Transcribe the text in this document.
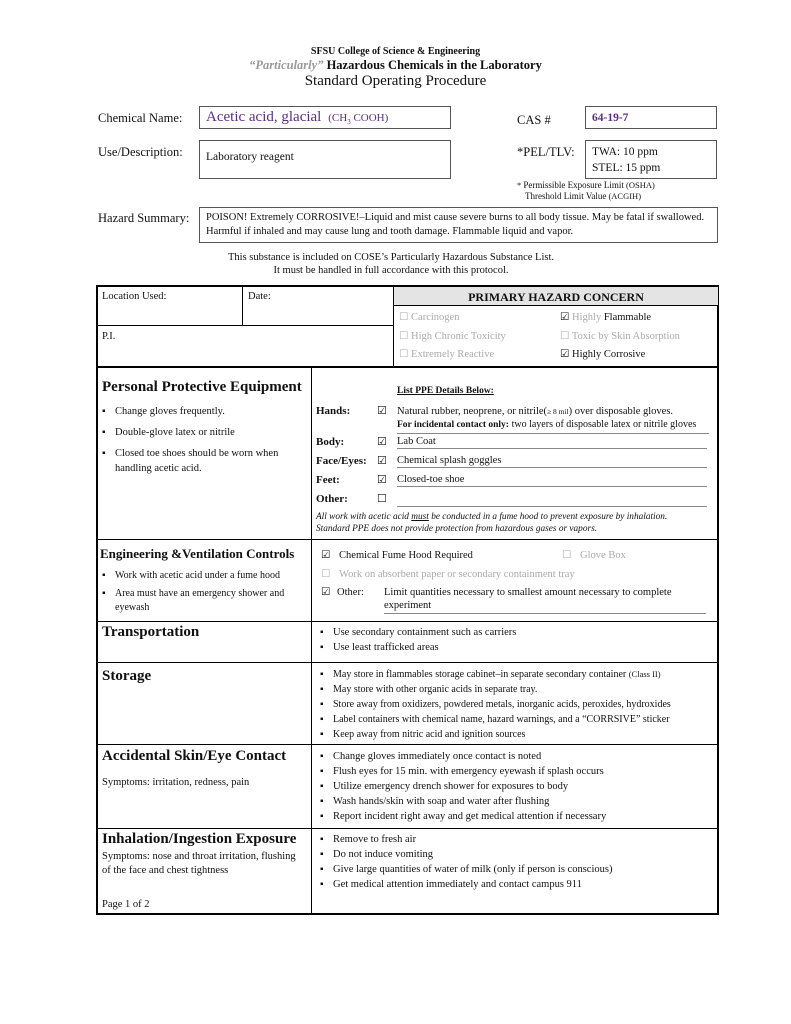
SFSU College of Science & Engineering
“Particularly” Hazardous Chemicals in the Laboratory
Standard Operating Procedure
Chemical Name:	Acetic acid, glacial ($CH_3$ COOH)	CAS #	64-19-7
Use/Description:	Laboratory reagent	*PEL/TLV: TWA: 10 ppm
STEL: 15 ppm
* Permissible Exposure Limit (OSHA)
Threshold Limit Value (ACGIH)
Hazard Summary:	POISON! Extremely CORROSIVE!–Liquid and mist cause severe burns to all body tissue. May be fatal if swallowed. Harmful if inhaled and may cause lung and tooth damage. Flammable liquid and vapor.
This substance is included on COSE’s Particularly Hazardous Substance List.
It must be handled in full accordance with this protocol.
Location Used:	Date:
P.I.
PRIMARY HAZARD CONCERN
☐ Carcinogen	☑ Highly Flammable
☐ High Chronic Toxicity	☐ Toxic by Skin Absorption
☐ Extremely Reactive	☑ Highly Corrosive
Personal Protective Equipment
▪ Change gloves frequently.
▪ Double-glove latex or nitrile
▪ Closed toe shoes should be worn when handling acetic acid.
List PPE Details Below:
Hands: ☑ Natural rubber, neoprene, or nitrile(≥ 8 mil) over disposable gloves.
For incidental contact only: two layers of disposable latex or nitrile gloves
Body:	☑ Lab Coat
Face/Eyes: ☑ Chemical splash goggles
Feet:	☑ Closed-toe shoe
Other:	☐
All work with acetic acid must be conducted in a fume hood to prevent exposure by inhalation.
Standard PPE does not provide protection from hazardous gases or vapors.
Engineering &Ventilation Controls
▪ Work with acetic acid under a fume hood
▪ Area must have an emergency shower and eyewash
☑ Chemical Fume Hood Required	☐ Glove Box
☐ Work on absorbent paper or secondary containment tray
☑ Other: Limit quantities necessary to smallest amount necessary to complete experiment
Transportation	▪ Use secondary containment such as carriers
▪ Use least trafficked areas
Storage	▪ May store in flammables storage cabinet–in separate secondary container (Class II)
▪ May store with other organic acids in separate tray.
▪ Store away from oxidizers, powdered metals, inorganic acids, peroxides, hydroxides
▪ Label containers with chemical name, hazard warnings, and a “CORRSIVE” sticker
▪ Keep away from nitric acid and ignition sources
Accidental Skin/Eye Contact
Symptoms: irritation, redness, pain
▪ Change gloves immediately once contact is noted
▪ Flush eyes for 15 min. with emergency eyewash if splash occurs
▪ Utilize emergency drench shower for exposures to body
▪ Wash hands/skin with soap and water after flushing
▪ Report incident right away and get medical attention if necessary
Inhalation/Ingestion Exposure
Symptoms: nose and throat irritation, flushing of the face and chest tightness
▪ Remove to fresh air
▪ Do not induce vomiting
▪ Give large quantities of water of milk (only if person is conscious)
▪ Get medical attention immediately and contact campus 911
Page 1 of 2
